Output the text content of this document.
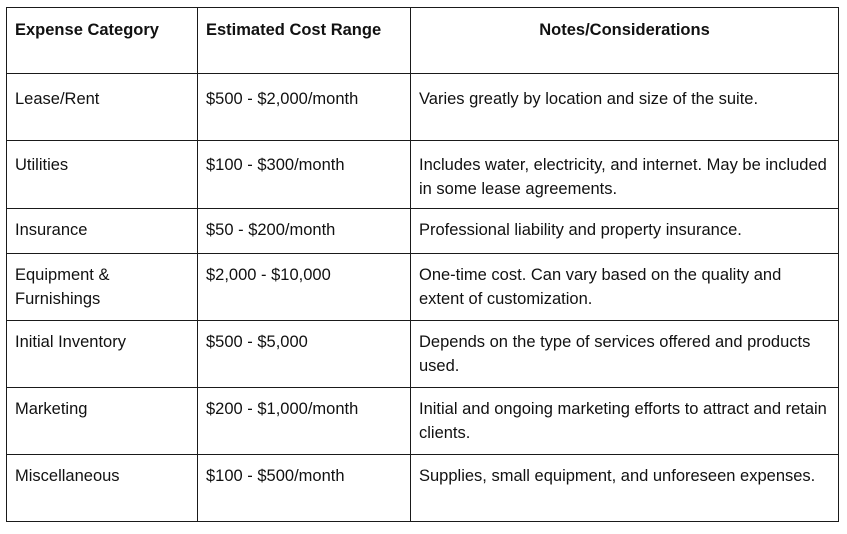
Expense Category	Estimated Cost Range	Notes/Considerations
Lease/Rent	$500 - $2,000/month	Varies greatly by location and size of the suite.
Utilities	$100 - $300/month	Includes water, electricity, and internet. May be included in some lease agreements.
Insurance	$50 - $200/month	Professional liability and property insurance.
Equipment & Furnishings	$2,000 - $10,000	One-time cost. Can vary based on the quality and extent of customization.
Initial Inventory	$500 - $5,000	Depends on the type of services offered and products used.
Marketing	$200 - $1,000/month	Initial and ongoing marketing efforts to attract and retain clients.
Miscellaneous	$100 - $500/month	Supplies, small equipment, and unforeseen expenses.
